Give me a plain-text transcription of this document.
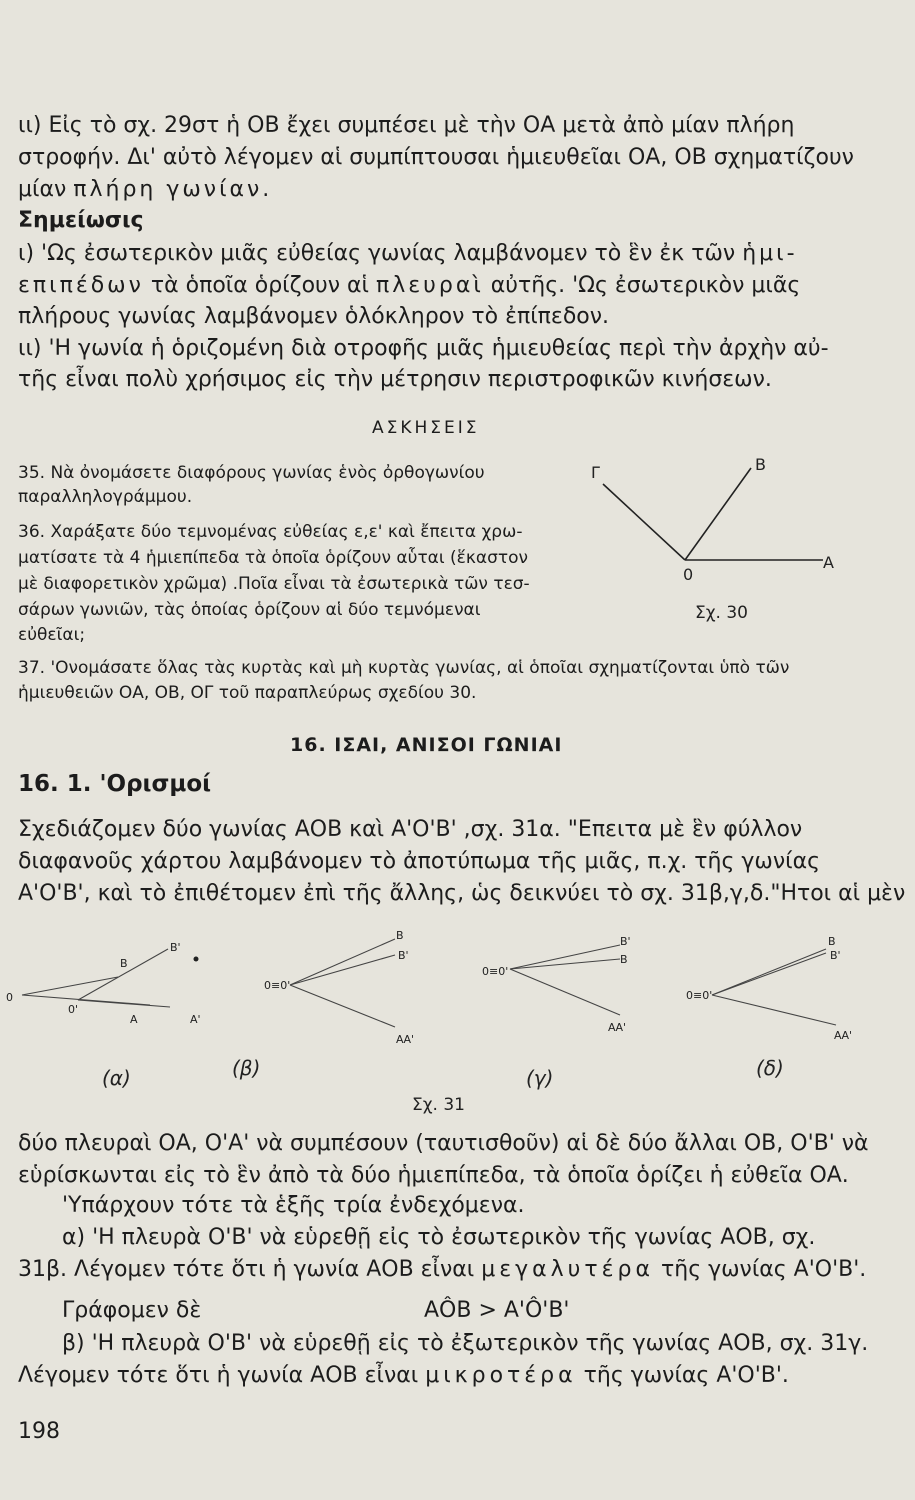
ιι) Εἰς τὸ σχ. 29στ ἡ ΟΒ ἔχει συμπέσει μὲ τὴν ΟΑ μετὰ ἀπὸ μίαν πλήρη
στροφήν. Δι' αὐτὸ λέγομεν αἱ συμπίπτουσαι ἡμιευθεῖαι ΟΑ, ΟΒ σχηματίζουν
μίαν πλήρη γωνίαν.
Σημείωσις
ι) 'Ως ἐσωτερικὸν μιᾶς εὐθείας γωνίας λαμβάνομεν τὸ ἓν ἐκ τῶν ἡμι-
επιπέδων τὰ ὁποῖα ὁρίζουν αἱ πλευραὶ αὐτῆς. 'Ως ἐσωτερικὸν μιᾶς
πλήρους γωνίας λαμβάνομεν ὁλόκληρον τὸ ἐπίπεδον.
ιι) 'Η γωνία ἡ ὁριζομένη διὰ οτροφῆς μιᾶς ἡμιευθείας περὶ τὴν ἀρχὴν αὐ-
τῆς εἶναι πολὺ χρήσιμος εἰς τὴν μέτρησιν περιστροφικῶν κινήσεων.
ΑΣΚΗΣΕΙΣ
35. Νὰ ὀνομάσετε διαφόρους γωνίας ἑνὸς ὀρθογωνίου
παραλληλογράμμου.
36. Χαράξατε δύο τεμνομένας εὐθείας ε,ε' καὶ ἔπειτα χρω-
ματίσατε τὰ 4 ἡμιεπίπεδα τὰ ὁποῖα ὁρίζουν αὗται (ἕκαστον
μὲ διαφορετικὸν χρῶμα) .Ποῖα εἶναι τὰ ἐσωτερικὰ τῶν τεσ-
σάρων γωνιῶν, τὰς ὁποίας ὁρίζουν αἱ δύο τεμνόμεναι
εὐθεῖαι;
Γ	Β
0
Α
Σχ. 30
37. 'Ονομάσατε ὅλας τὰς κυρτὰς καὶ μὴ κυρτὰς γωνίας, αἱ ὁποῖαι σχηματίζονται ὑπὸ τῶν
ἡμιευθειῶν ΟΑ, ΟΒ, ΟΓ τοῦ παραπλεύρως σχεδίου 30.
16. ΙΣΑΙ, ΑΝΙΣΟΙ ΓΩΝΙΑΙ
16. 1. 'Ορισμοί
Σχεδιάζομεν δύο γωνίας ΑΟΒ καὶ Α'Ο'Β' ,σχ. 31α. "Επειτα μὲ ἓν φύλλον
διαφανοῦς χάρτου λαμβάνομεν τὸ ἀποτύπωμα τῆς μιᾶς, π.χ. τῆς γωνίας
Α'Ο'Β', καὶ τὸ ἐπιθέτομεν ἐπὶ τῆς ἄλλης, ὡς δεικνύει τὸ σχ. 31β,γ,δ."Ητοι αἱ μὲν
0
Β
0'
Β'
Α	Α'
(α)
0≡0'
Β
Β'
ΑΑ'
(β)
0≡0'
Β'
Β
ΑΑ'
(γ)
0≡0'
Β
Β'
ΑΑ'
(δ)
Σχ. 31
δύο πλευραὶ ΟΑ, Ο'Α' νὰ συμπέσουν (ταυτισθοῦν) αἱ δὲ δύο ἄλλαι ΟΒ, Ο'Β' νὰ
εὑρίσκωνται εἰς τὸ ἓν ἀπὸ τὰ δύο ἡμιεπίπεδα, τὰ ὁποῖα ὁρίζει ἡ εὐθεῖα ΟΑ.
'Υπάρχουν τότε τὰ ἑξῆς τρία ἐνδεχόμενα.
α) 'Η πλευρὰ Ο'Β' νὰ εὑρεθῇ εἰς τὸ ἐσωτερικὸν τῆς γωνίας ΑΟΒ, σχ.
31β. Λέγομεν τότε ὅτι ἡ γωνία ΑΟΒ εἶναι μεγαλυτέρα τῆς γωνίας Α'Ο'Β'.
Γράφομεν δὲ	ΑÔΒ > Α'Ô'Β'
β) 'Η πλευρὰ Ο'Β' νὰ εὑρεθῇ εἰς τὸ ἐξωτερικὸν τῆς γωνίας ΑΟΒ, σχ. 31γ.
Λέγομεν τότε ὅτι ἡ γωνία ΑΟΒ εἶναι μικροτέρα τῆς γωνίας Α'Ο'Β'.
198
